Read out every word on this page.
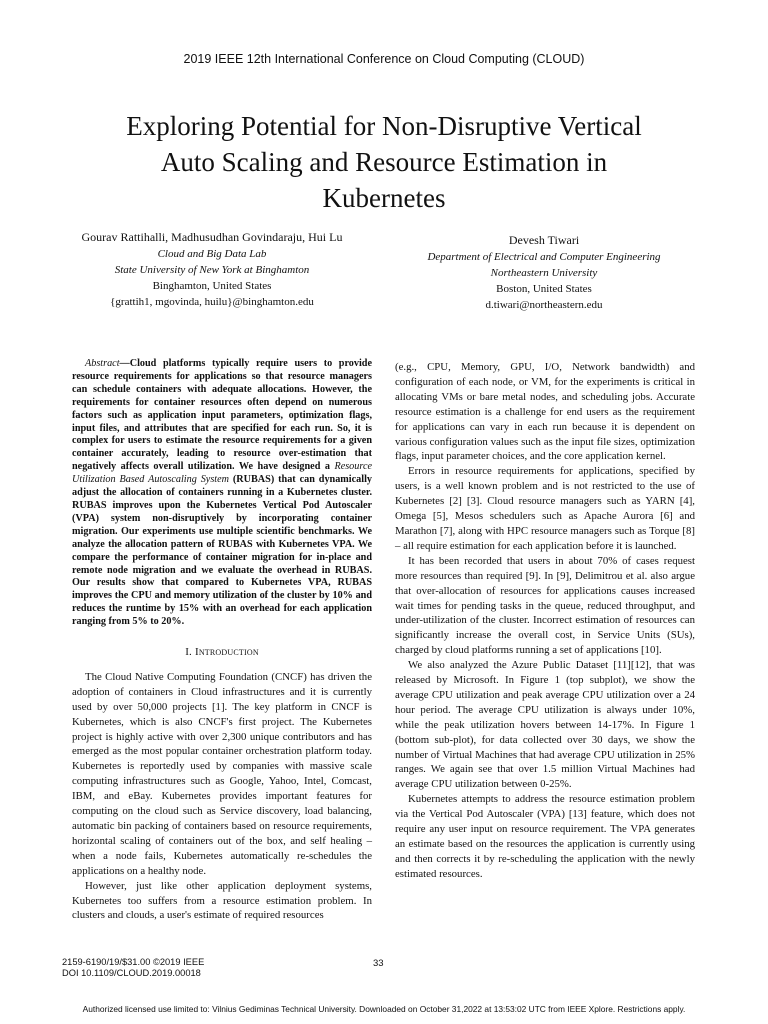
2019 IEEE 12th International Conference on Cloud Computing (CLOUD)
Exploring Potential for Non-Disruptive Vertical
Auto Scaling and Resource Estimation in
Kubernetes
Gourav Rattihalli, Madhusudhan Govindaraju, Hui Lu
Cloud and Big Data Lab
State University of New York at Binghamton
Binghamton, United States
{grattih1, mgovinda, huilu}@binghamton.edu
Devesh Tiwari
Department of Electrical and Computer Engineering
Northeastern University
Boston, United States
d.tiwari@northeastern.edu

Abstract—Cloud platforms typically require users to provide resource requirements for applications so that resource managers can schedule containers with adequate allocations. However, the requirements for container resources often depend on numerous factors such as application input parameters, optimization flags, input files, and attributes that are specified for each run. So, it is complex for users to estimate the resource requirements for a given container accurately, leading to resource over-estimation that negatively affects overall utilization. We have designed a Resource Utilization Based Autoscaling System (RUBAS) that can dynamically adjust the allocation of containers running in a Kubernetes cluster. RUBAS improves upon the Kubernetes Vertical Pod Autoscaler (VPA) system non-disruptively by incorporating container migration. Our experiments use multiple scientific benchmarks. We analyze the allocation pattern of RUBAS with Kubernetes VPA. We compare the performance of container migration for in-place and remote node migration and we evaluate the overhead in RUBAS. Our results show that compared to Kubernetes VPA, RUBAS improves the CPU and memory utilization of the cluster by 10% and reduces the runtime by 15% with an overhead for each application ranging from 5% to 20%.

I. Introduction

The Cloud Native Computing Foundation (CNCF) has driven the adoption of containers in Cloud infrastructures and it is currently used by over 50,000 projects [1]. The key platform in CNCF is Kubernetes, which is also CNCF's first project. The Kubernetes project is highly active with over 2,300 unique contributors and has emerged as the most popular container orchestration platform today. Kubernetes is reportedly used by companies with massive scale computing infrastructures such as Google, Yahoo, Intel, Comcast, IBM, and eBay. Kubernetes provides important features for computing on the cloud such as Service discovery, load balancing, automatic bin packing of containers based on resource requirements, horizontal scaling of containers out of the box, and self healing – when a node fails, Kubernetes automatically re-schedules the applications on a healthy node.

However, just like other application deployment systems, Kubernetes too suffers from a resource estimation problem. In clusters and clouds, a user's estimate of required resources

(e.g., CPU, Memory, GPU, I/O, Network bandwidth) and configuration of each node, or VM, for the experiments is critical in allocating VMs or bare metal nodes, and scheduling jobs. Accurate resource estimation is a challenge for end users as the requirement for applications can vary in each run because it is dependent on various configuration values such as the input file sizes, optimization flags, input parameter choices, and the core application kernel.

Errors in resource requirements for applications, specified by users, is a well known problem and is not restricted to the use of Kubernetes [2] [3]. Cloud resource managers such as YARN [4], Omega [5], Mesos schedulers such as Apache Aurora [6] and Marathon [7], along with HPC resource managers such as Torque [8] – all require estimation for each application before it is launched.

It has been recorded that users in about 70% of cases request more resources than required [9]. In [9], Delimitrou et al. also argue that over-allocation of resources for applications causes increased wait times for pending tasks in the queue, reduced throughput, and under-utilization of the cluster. Incorrect estimation of resources can significantly increase the overall cost, in Service Units (SUs), charged by cloud platforms running a set of applications [10].

We also analyzed the Azure Public Dataset [11][12], that was released by Microsoft. In Figure 1 (top subplot), we show the average CPU utilization and peak average CPU utilization over a 24 hour period. The average CPU utilization is always under 10%, while the peak utilization hovers between 14-17%. In Figure 1 (bottom sub-plot), for data collected over 30 days, we show the number of Virtual Machines that had average CPU utilization in 25% ranges. We again see that over 1.5 million Virtual Machines had average CPU utilization between 0-25%.

Kubernetes attempts to address the resource estimation problem via the Vertical Pod Autoscaler (VPA) [13] feature, which does not require any user input on resource requirement. The VPA generates an estimate based on the resources the application is currently using and then corrects it by re-scheduling the application with the newly estimated resources.

2159-6190/19/$31.00 ©2019 IEEE
DOI 10.1109/CLOUD.2019.00018
33
Authorized licensed use limited to: Vilnius Gediminas Technical University. Downloaded on October 31,2022 at 13:53:02 UTC from IEEE Xplore. Restrictions apply.
